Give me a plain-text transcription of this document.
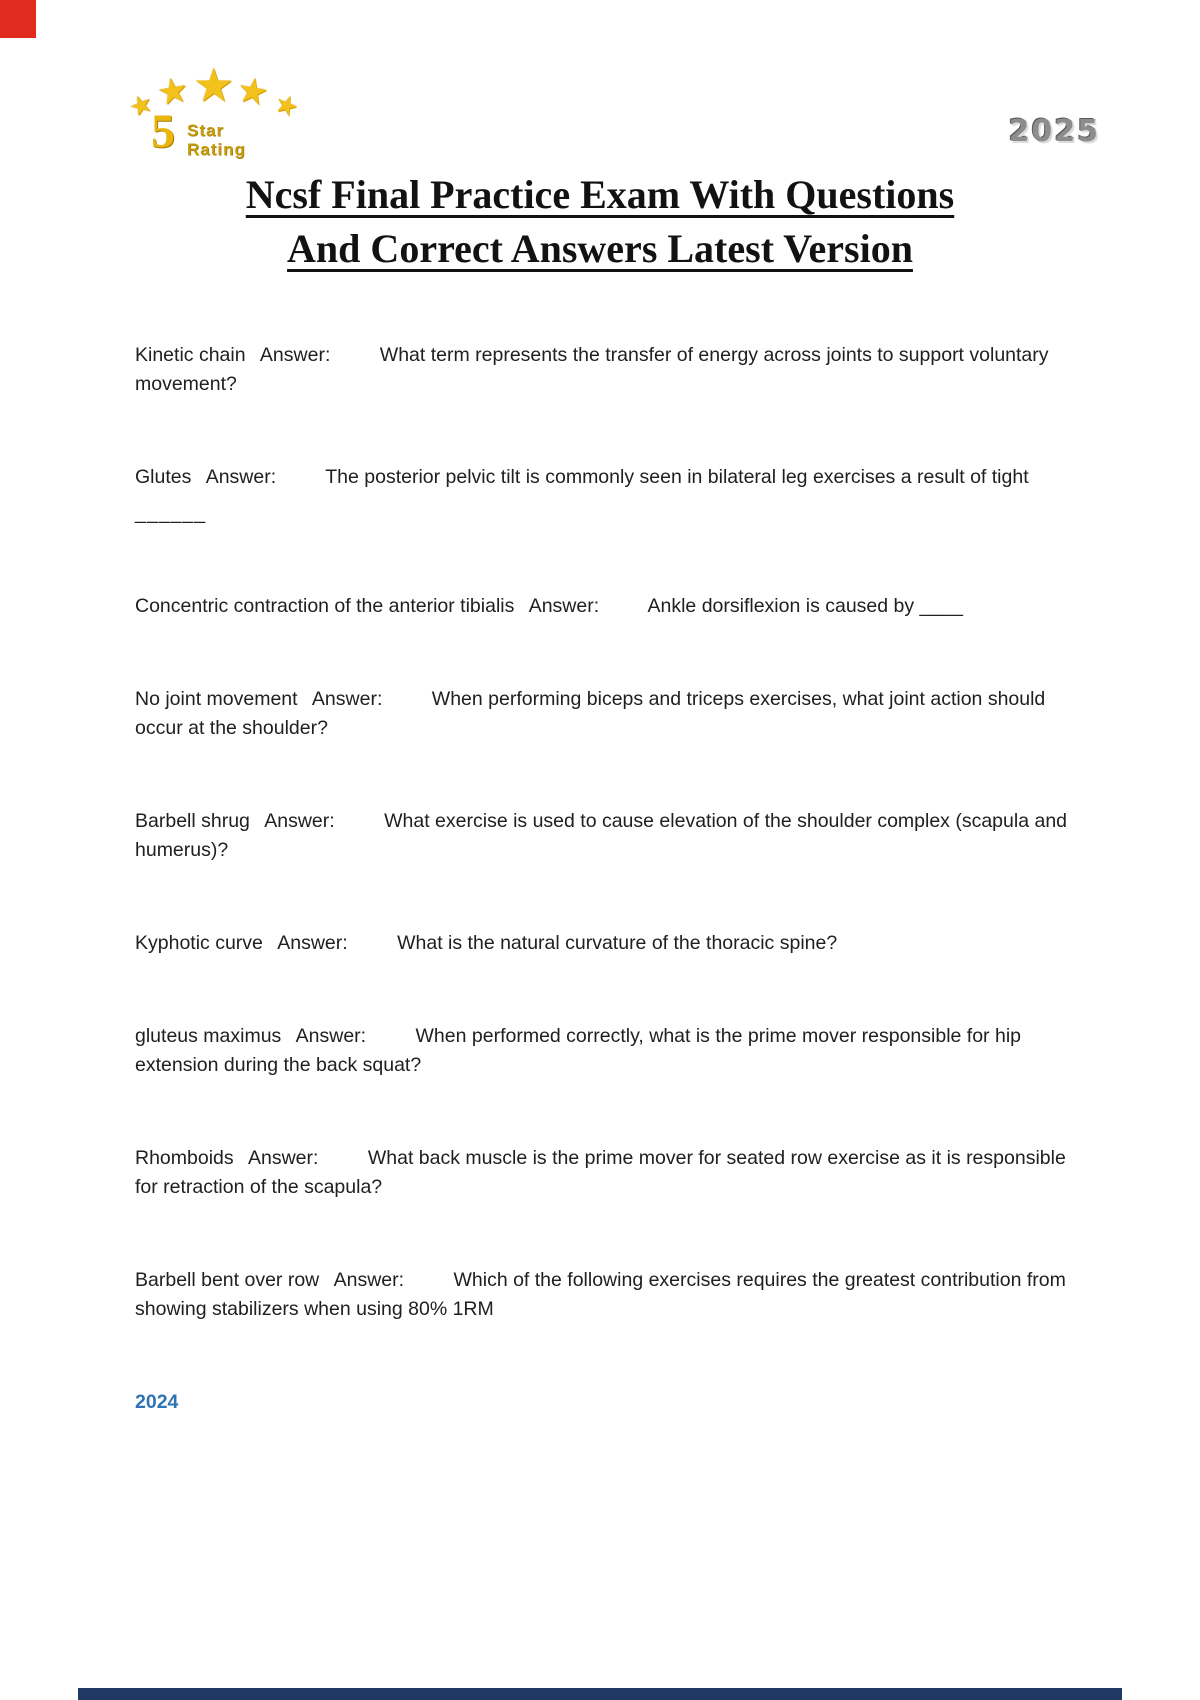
★
★ ★ ★
★
5 Star
Rating
2025
Ncsf Final Practice Exam With Questions
And Correct Answers Latest Version

Kinetic chain Answer:	What term represents the transfer of energy across joints to support voluntary movement?

Glutes Answer:	The posterior pelvic tilt is commonly seen in bilateral leg exercises a result of tight
______

Concentric contraction of the anterior tibialis Answer: Ankle dorsiflexion is caused by ____

No joint movement Answer:	When performing biceps and triceps exercises, what joint action should occur at the shoulder?

Barbell shrug Answer:	What exercise is used to cause elevation of the shoulder complex (scapula and humerus)?

Kyphotic curve Answer:	What is the natural curvature of the thoracic spine?

gluteus maximus Answer:	When performed correctly, what is the prime mover responsible for hip extension during the back squat?

Rhomboids Answer:	What back muscle is the prime mover for seated row exercise as it is responsible for retraction of the scapula?

Barbell bent over row Answer:	Which of the following exercises requires the greatest contribution from showing stabilizers when using 80% 1RM

2024
